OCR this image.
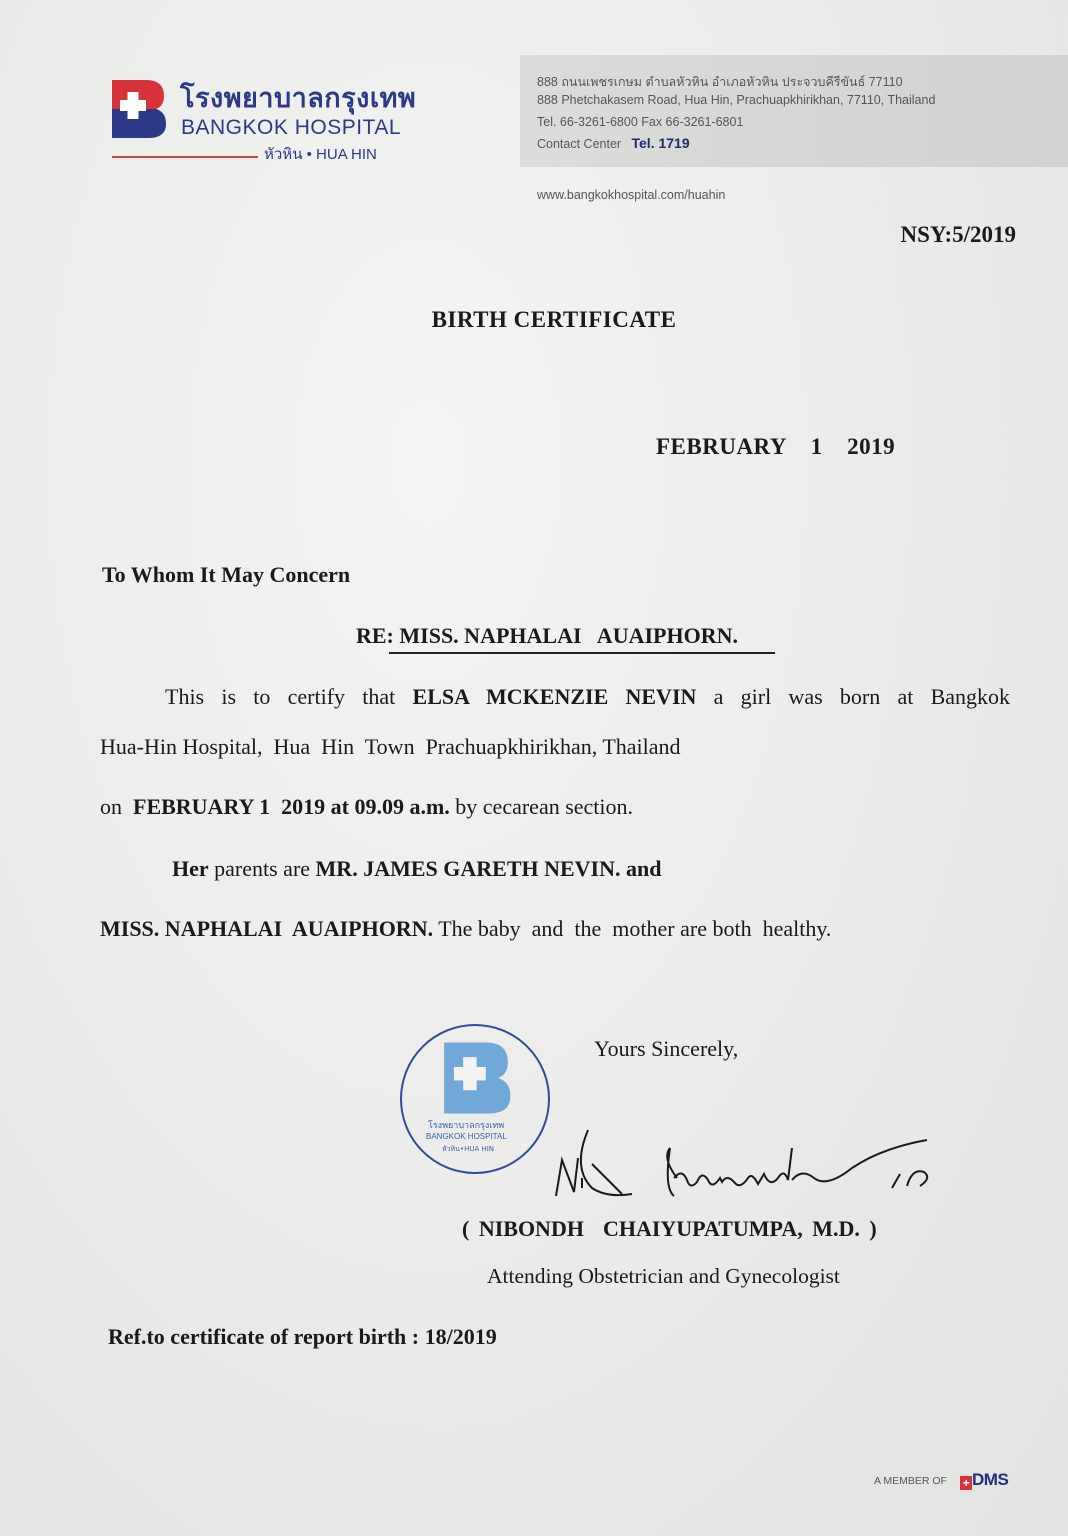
โรงพยาบาลกรุงเทพ
BANGKOK HOSPITAL
หัวหิน • HUA HIN
888 ถนนเพชรเกษม ตำบลหัวหิน อำเภอหัวหิน ประจวบคีรีขันธ์ 77110
888 Phetchakasem Road, Hua Hin, Prachuapkhirikhan, 77110, Thailand
Tel. 66-3261-6800 Fax 66-3261-6801
Contact Center Tel. 1719
www.bangkokhospital.com/huahin
NSY:5/2019
BIRTH CERTIFICATE
FEBRUARY  1  2019
To Whom It May Concern
RE: MISS. NAPHALAI   AUAIPHORN.
This is to certify that ELSA MCKENZIE NEVIN a girl was born at Bangkok
Hua-Hin Hospital,  Hua  Hin  Town  Prachuapkhirikhan, Thailand
on  FEBRUARY 1  2019 at 09.09 a.m. by cecarean section.
Her parents are MR. JAMES GARETH NEVIN. and
MISS. NAPHALAI  AUAIPHORN. The baby  and  the  mother are both  healthy.
โรงพยาบาลกรุงเทพ
BANGKOK HOSPITAL
หัวหิน•HUA HIN
Yours Sincerely,
( NIBONDH  CHAIYUPATUMPA, M.D. )
Attending Obstetrician and Gynecologist
Ref.to certificate of report birth : 18/2019
A MEMBER OF + DMS
